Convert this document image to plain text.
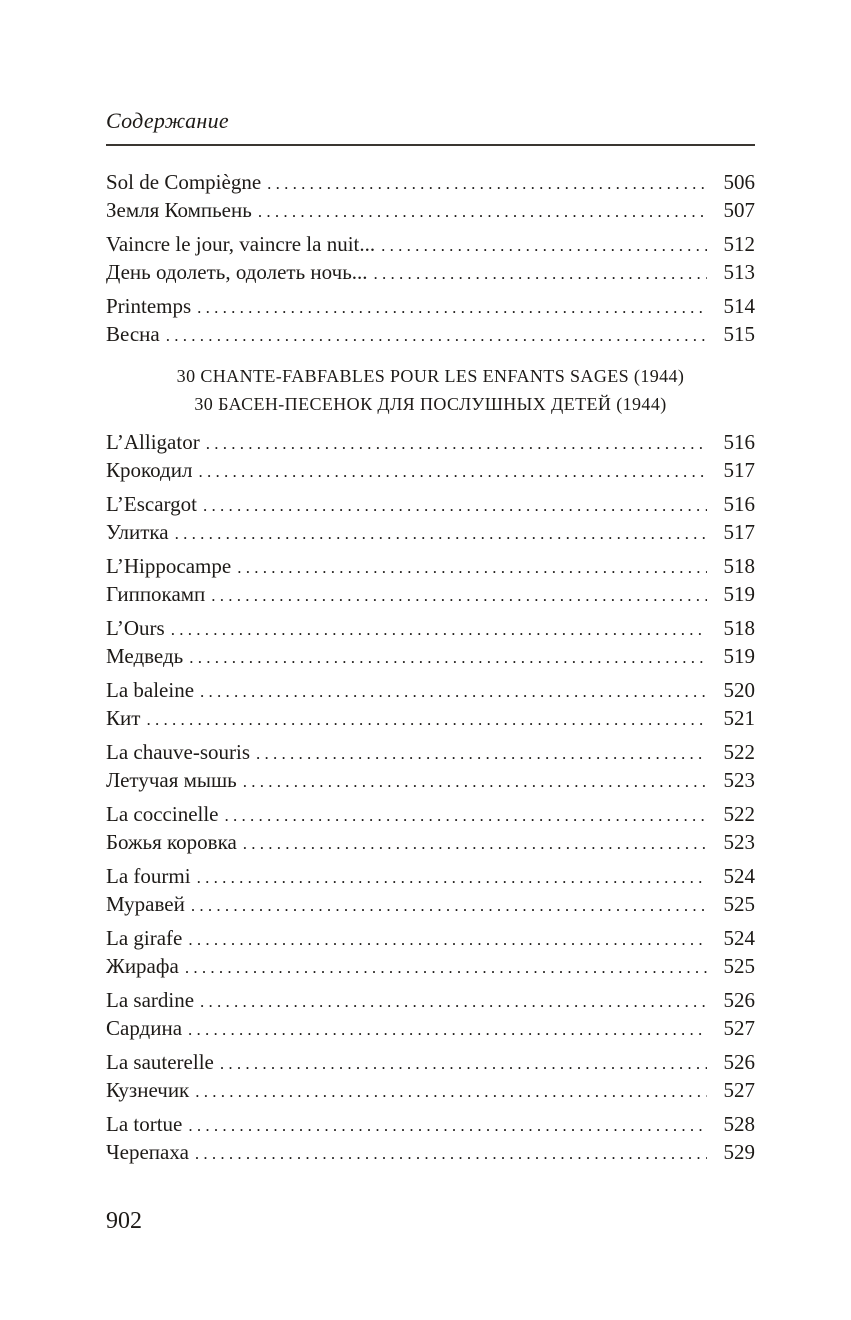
Содержание
Sol de Compiègne . . .	506
Земля Компьень . . .	507
Vaincre le jour, vaincre la nuit... . . .	512
День одолеть, одолеть ночь... . . .	513
Printemps . . .	514
Весна . . .	515
30 CHANTE-FABFABLES POUR LES ENFANTS SAGES (1944)
30 БАСЕН-ПЕСЕНОК ДЛЯ ПОСЛУШНЫХ ДЕТЕЙ (1944)
L’Alligator . . .	516
Крокодил . . .	517
L’Escargot . . .	516
Улитка . . .	517
L’Hippocampe . . .	518
Гиппокамп . . .	519
L’Ours . . .	518
Медведь . . .	519
La baleine . . .	520
Кит . . .	521
La chauve-souris . . .	522
Летучая мышь . . .	523
La coccinelle . . .	522
Божья коровка . . .	523
La fourmi . . .	524
Муравей . . .	525
La girafe . . .	524
Жирафа . . .	525
La sardine . . .	526
Сардина . . .	527
La sauterelle . . .	526
Кузнечик . . .	527
La tortue . . .	528
Черепаха . . .	529
902
